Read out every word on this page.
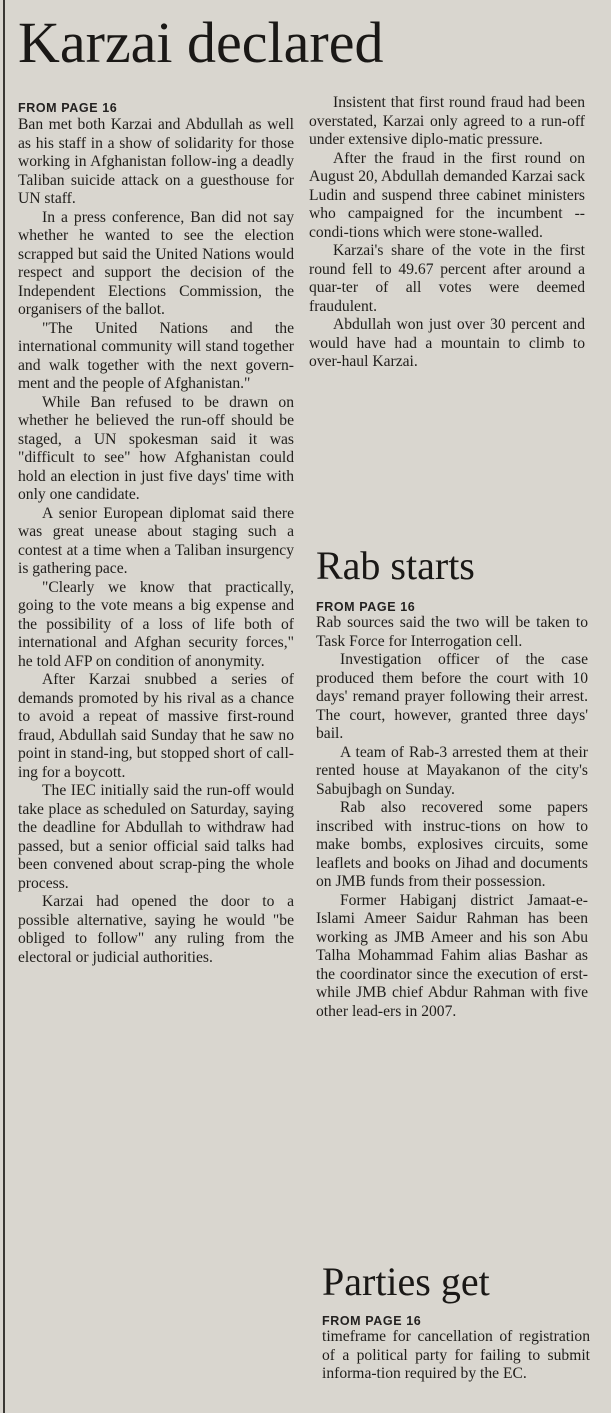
Karzai declared
FROM PAGE 16

Ban met both Karzai and Abdullah as well as his staff in a show of solidarity for those working in Afghanistan follow-ing a deadly Taliban suicide attack on a guesthouse for UN staff.

In a press conference, Ban did not say whether he wanted to see the election scrapped but said the United Nations would respect and support the decision of the Independent Elections Commission, the organisers of the ballot.

"The United Nations and the international community will stand together and walk together with the next govern-ment and the people of Afghanistan."

While Ban refused to be drawn on whether he believed the run-off should be staged, a UN spokesman said it was "difficult to see" how Afghanistan could hold an election in just five days' time with only one candidate.

A senior European diplomat said there was great unease about staging such a contest at a time when a Taliban insurgency is gathering pace.

"Clearly we know that practically, going to the vote means a big expense and the possibility of a loss of life both of international and Afghan security forces," he told AFP on condition of anonymity.

After Karzai snubbed a series of demands promoted by his rival as a chance to avoid a repeat of massive first-round fraud, Abdullah said Sunday that he saw no point in stand-ing, but stopped short of call-ing for a boycott.

The IEC initially said the run-off would take place as scheduled on Saturday, saying the deadline for Abdullah to withdraw had passed, but a senior official said talks had been convened about scrap-ping the whole process.

Karzai had opened the door to a possible alternative, saying he would "be obliged to follow" any ruling from the electoral or judicial authorities.

Insistent that first round fraud had been overstated, Karzai only agreed to a run-off under extensive diplo-matic pressure.

After the fraud in the first round on August 20, Abdullah demanded Karzai sack Ludin and suspend three cabinet ministers who campaigned for the incumbent -- condi-tions which were stone-walled.

Karzai's share of the vote in the first round fell to 49.67 percent after around a quar-ter of all votes were deemed fraudulent.

Abdullah won just over 30 percent and would have had a mountain to climb to over-haul Karzai.

Rab starts
FROM PAGE 16

Rab sources said the two will be taken to Task Force for Interrogation cell.

Investigation officer of the case produced them before the court with 10 days' remand prayer following their arrest. The court, however, granted three days' bail.

A team of Rab-3 arrested them at their rented house at Mayakanon of the city's Sabujbagh on Sunday.

Rab also recovered some papers inscribed with instruc-tions on how to make bombs, explosives circuits, some leaflets and books on Jihad and documents on JMB funds from their possession.

Former Habiganj district Jamaat-e-Islami Ameer Saidur Rahman has been working as JMB Ameer and his son Abu Talha Mohammad Fahim alias Bashar as the coordinator since the execution of erst-while JMB chief Abdur Rahman with five other lead-ers in 2007.

Parties get
FROM PAGE 16

timeframe for cancellation of registration of a political party for failing to submit informa-tion required by the EC.
